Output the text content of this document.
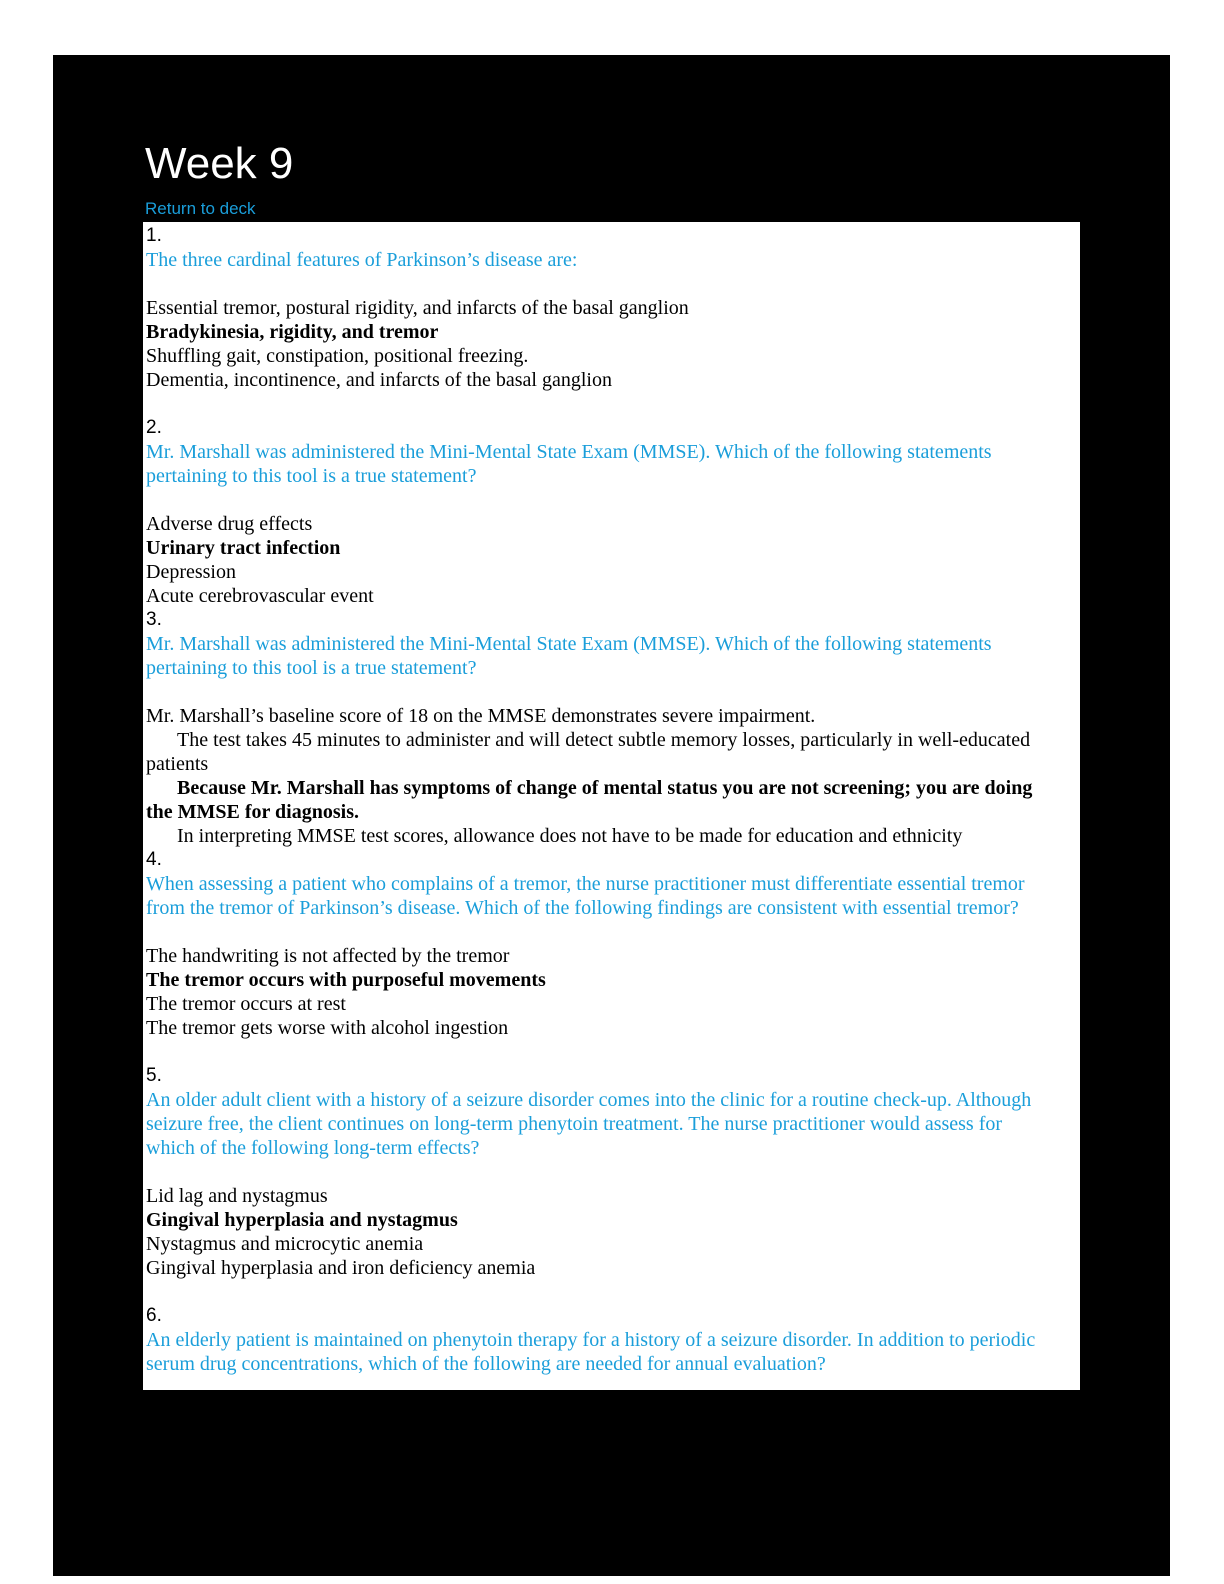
Week 9
Return to deck
1.
The three cardinal features of Parkinson’s disease are:
Essential tremor, postural rigidity, and infarcts of the basal ganglion
Bradykinesia, rigidity, and tremor
Shuffling gait, constipation, positional freezing.
Dementia, incontinence, and infarcts of the basal ganglion
2.
Mr. Marshall was administered the Mini-Mental State Exam (MMSE). Which of the following statements
pertaining to this tool is a true statement?
Adverse drug effects
Urinary tract infection
Depression
Acute cerebrovascular event
3.
Mr. Marshall was administered the Mini-Mental State Exam (MMSE). Which of the following statements
pertaining to this tool is a true statement?
Mr. Marshall’s baseline score of 18 on the MMSE demonstrates severe impairment.
The test takes 45 minutes to administer and will detect subtle memory losses, particularly in well-educated
patients
Because Mr. Marshall has symptoms of change of mental status you are not screening; you are doing
the MMSE for diagnosis.
In interpreting MMSE test scores, allowance does not have to be made for education and ethnicity
4.
When assessing a patient who complains of a tremor, the nurse practitioner must differentiate essential tremor
from the tremor of Parkinson’s disease. Which of the following findings are consistent with essential tremor?
The handwriting is not affected by the tremor
The tremor occurs with purposeful movements
The tremor occurs at rest
The tremor gets worse with alcohol ingestion
5.
An older adult client with a history of a seizure disorder comes into the clinic for a routine check-up. Although
seizure free, the client continues on long-term phenytoin treatment. The nurse practitioner would assess for
which of the following long-term effects?
Lid lag and nystagmus
Gingival hyperplasia and nystagmus
Nystagmus and microcytic anemia
Gingival hyperplasia and iron deficiency anemia
6.
An elderly patient is maintained on phenytoin therapy for a history of a seizure disorder. In addition to periodic
serum drug concentrations, which of the following are needed for annual evaluation?
